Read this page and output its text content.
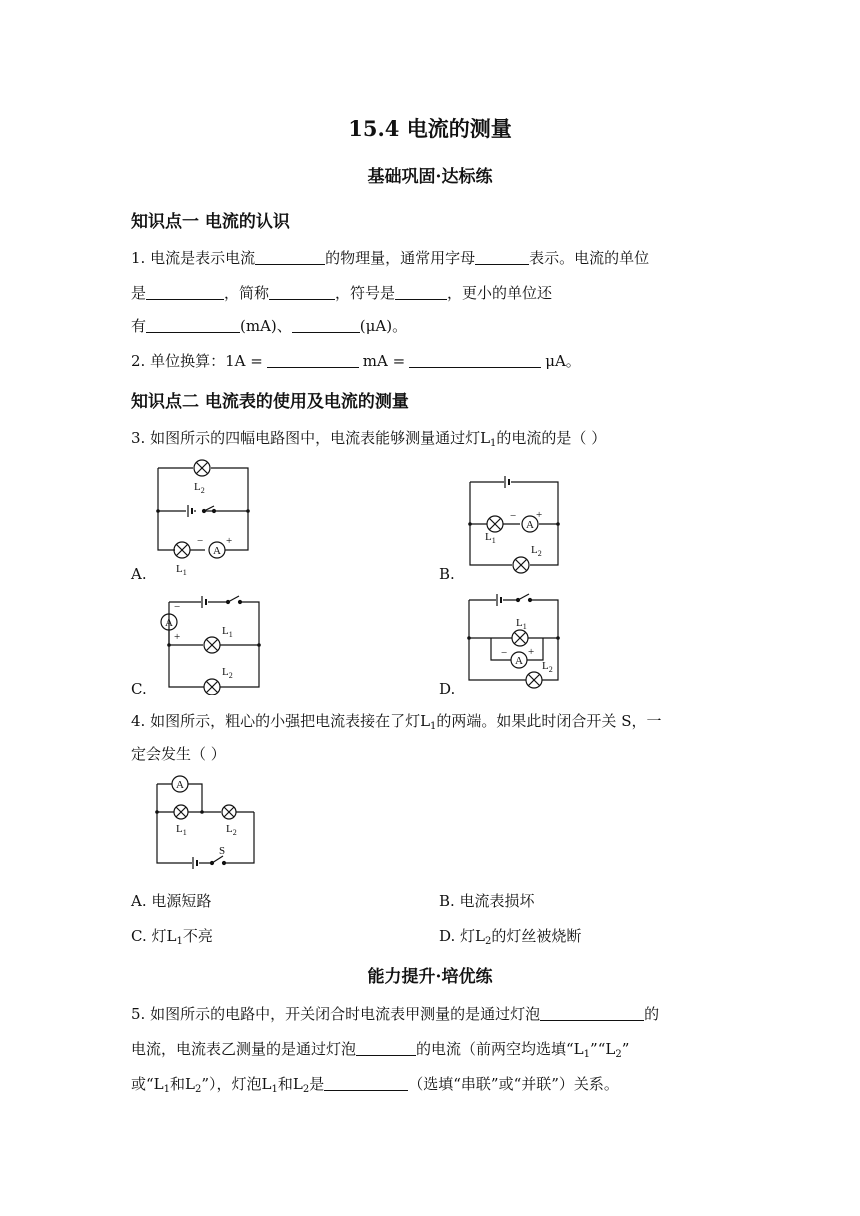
15.4 电流的测量
基础巩固·达标练
知识点一 电流的认识
1. 电流是表示电流	的物理量，通常用字母	表示。电流的单位
是	，简称	，符号是	，更小的单位还
有	(mA)、	(μA)。
2. 单位换算：1A =	mA =	μA。
知识点二 电流表的使用及电流的测量
3. 如图所示的四幅电路图中，电流表能够测量通过灯$L_1$的电流的是（ ）
A.	B.
C.	D.
A
− +
$L_2$
$L_1$
A
− +
$L_1$
$L_2$
A
−
+	$L_1$
$L_2$
A
− +
$L_1$
$L_2$
4. 如图所示，粗心的小强把电流表接在了灯$L_1$的两端。如果此时闭合开关 S，一
定会发生（ ）
A
$L_1$	$L_2$
S
A. 电源短路	B. 电流表损坏
C. 灯$L_1$不亮	D. 灯$L_2$的灯丝被烧断
能力提升·培优练
5. 如图所示的电路中，开关闭合时电流表甲测量的是通过灯泡	的
电流，电流表乙测量的是通过灯泡	的电流（前两空均选填“$L_1”“L_2$”
或“$L_1$和$L_2$”），灯泡$L_1$和$L_2$是	（选填“串联”或“并联”）关系。
